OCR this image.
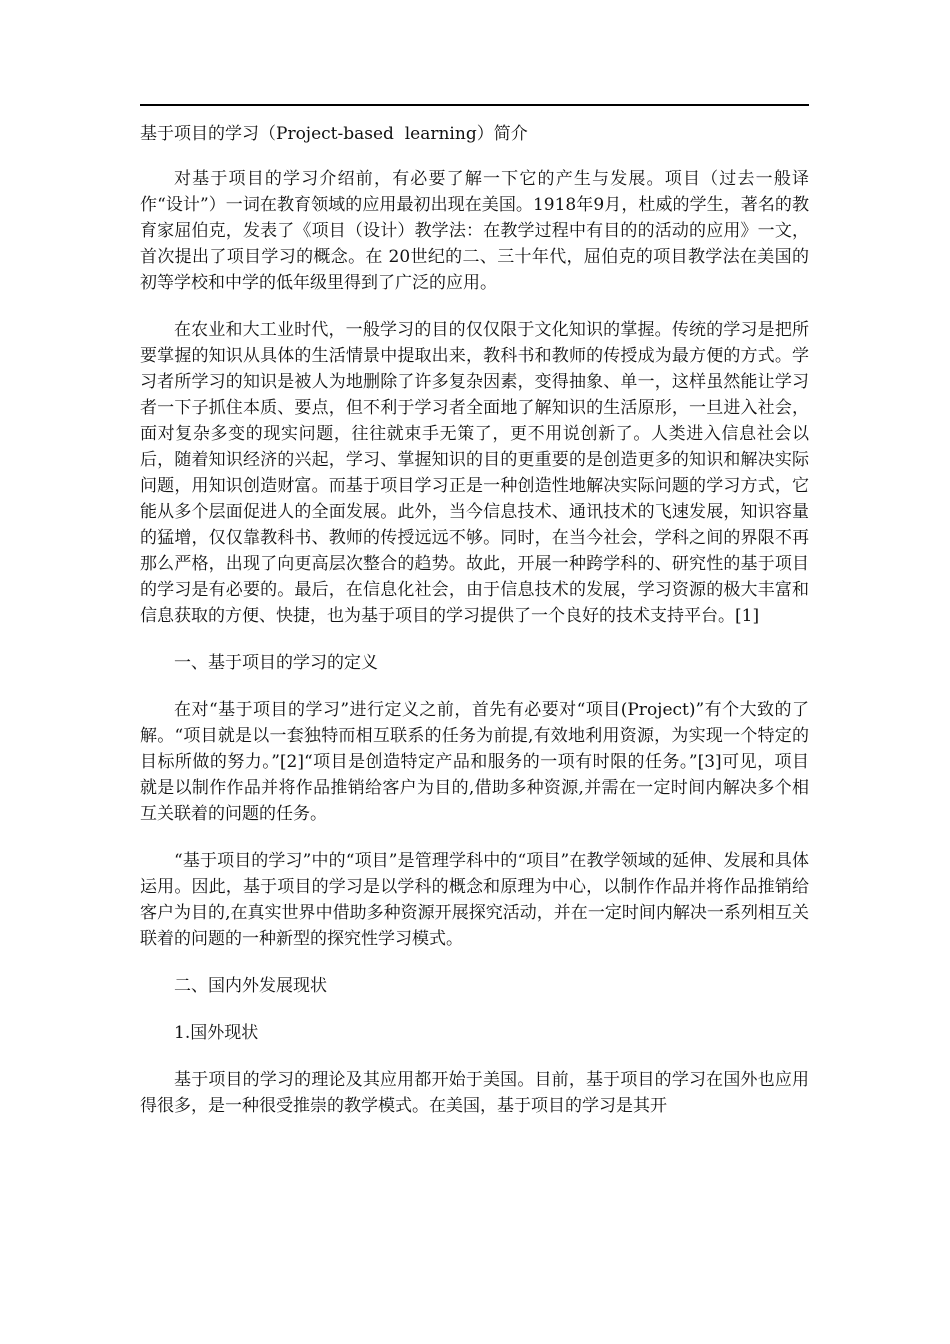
基于项目的学习（Project-based  learning）简介

对基于项目的学习介绍前，有必要了解一下它的产生与发展。项目（过去一般译作“设计”）一词在教育领域的应用最初出现在美国。1918年9月，杜威的学生，著名的教育家屈伯克，发表了《项目（设计）教学法：在教学过程中有目的的活动的应用》一文，首次提出了项目学习的概念。在 20世纪的二、三十年代，屈伯克的项目教学法在美国的初等学校和中学的低年级里得到了广泛的应用。

在农业和大工业时代，一般学习的目的仅仅限于文化知识的掌握。传统的学习是把所要掌握的知识从具体的生活情景中提取出来，教科书和教师的传授成为最方便的方式。学习者所学习的知识是被人为地删除了许多复杂因素，变得抽象、单一，这样虽然能让学习者一下子抓住本质、要点，但不利于学习者全面地了解知识的生活原形，一旦进入社会，面对复杂多变的现实问题，往往就束手无策了，更不用说创新了。人类进入信息社会以后，随着知识经济的兴起，学习、掌握知识的目的更重要的是创造更多的知识和解决实际问题，用知识创造财富。而基于项目学习正是一种创造性地解决实际问题的学习方式，它能从多个层面促进人的全面发展。此外，当今信息技术、通讯技术的飞速发展，知识容量的猛增，仅仅靠教科书、教师的传授远远不够。同时，在当今社会，学科之间的界限不再那么严格，出现了向更高层次整合的趋势。故此，开展一种跨学科的、研究性的基于项目的学习是有必要的。最后，在信息化社会，由于信息技术的发展，学习资源的极大丰富和信息获取的方便、快捷，也为基于项目的学习提供了一个良好的技术支持平台。[1]

一、基于项目的学习的定义

在对“基于项目的学习”进行定义之前，首先有必要对“项目(Project)”有个大致的了解。“项目就是以一套独特而相互联系的任务为前提,有效地利用资源，为实现一个特定的目标所做的努力。”[2]“项目是创造特定产品和服务的一项有时限的任务。”[3]可见，项目就是以制作作品并将作品推销给客户为目的,借助多种资源,并需在一定时间内解决多个相互关联着的问题的任务。

“基于项目的学习”中的“项目”是管理学科中的“项目”在教学领域的延伸、发展和具体运用。因此，基于项目的学习是以学科的概念和原理为中心，以制作作品并将作品推销给客户为目的,在真实世界中借助多种资源开展探究活动，并在一定时间内解决一系列相互关联着的问题的一种新型的探究性学习模式。

二、国内外发展现状

1.国外现状

基于项目的学习的理论及其应用都开始于美国。目前，基于项目的学习在国外也应用得很多，是一种很受推崇的教学模式。在美国，基于项目的学习是其开
